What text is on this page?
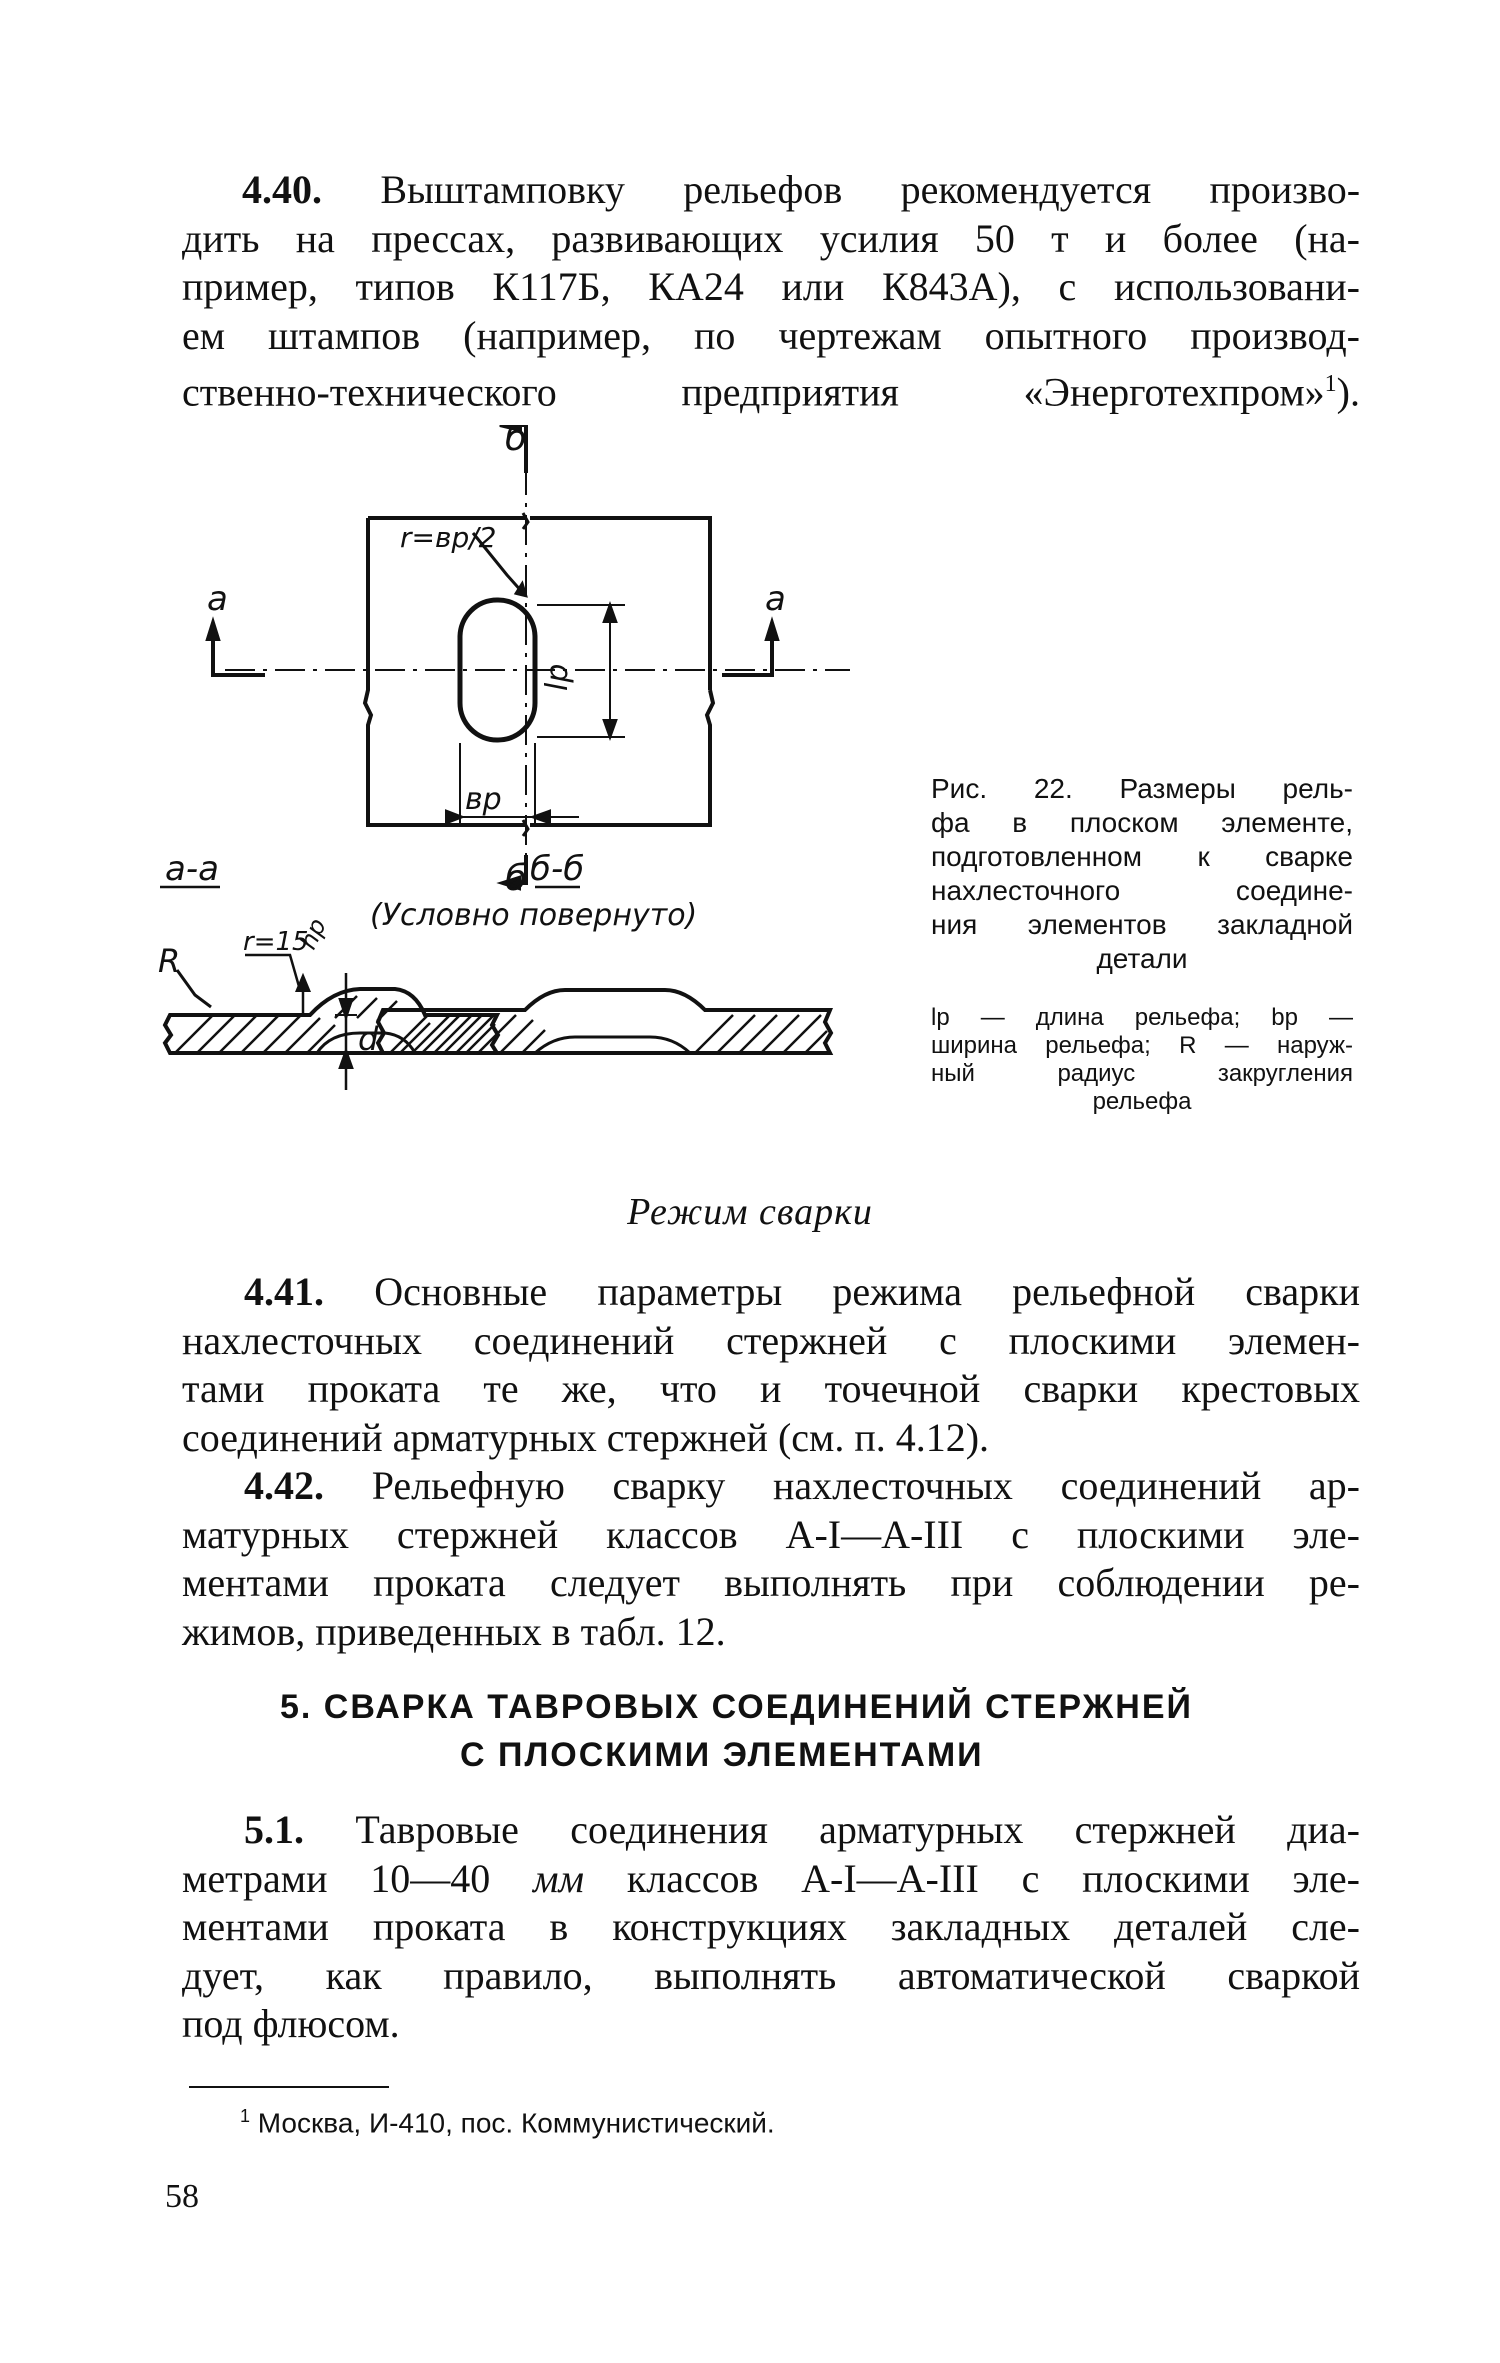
4.40. Выштамповку рельефов рекомендуется произво-
дить на прессах, развивающих усилия 50 т и более (на-
пример, типов К117Б, КА24 или К843А), с использовани-
ем штампов (например, по чертежам опытного производ-
ственно-технического предприятия «Энерготехпром»$^1$).
б
б
а	а
r=вр/2
lр
вр
а-а	б-б
(Условно повернуто)
R r=15
hр
d
Рис. 22. Размеры рель-
фа в плоском элементе,
подготовленном к сварке
нахлесточного соедине-
ния элементов закладной
детали
lр — длина рельефа; bр —
ширина рельефа; R — наруж-
ный радиус закругления
рельефа
Режим сварки
4.41. Основные параметры режима рельефной сварки
нахлесточных соединений стержней с плоскими элемен-
тами проката те же, что и точечной сварки крестовых
соединений арматурных стержней (см. п. 4.12).
4.42. Рельефную сварку нахлесточных соединений ар-
матурных стержней классов А-I—А-III с плоскими эле-
ментами проката следует выполнять при соблюдении ре-
жимов, приведенных в табл. 12.
5. СВАРКА ТАВРОВЫХ СОЕДИНЕНИЙ СТЕРЖНЕЙ
С ПЛОСКИМИ ЭЛЕМЕНТАМИ
5.1. Тавровые соединения арматурных стержней диа-
метрами 10—40 мм классов А-I—А-III с плоскими эле-
ментами проката в конструкциях закладных деталей сле-
дует, как правило, выполнять автоматической сваркой
под флюсом.
$^1$ Москва, И-410, пос. Коммунистический.
58
